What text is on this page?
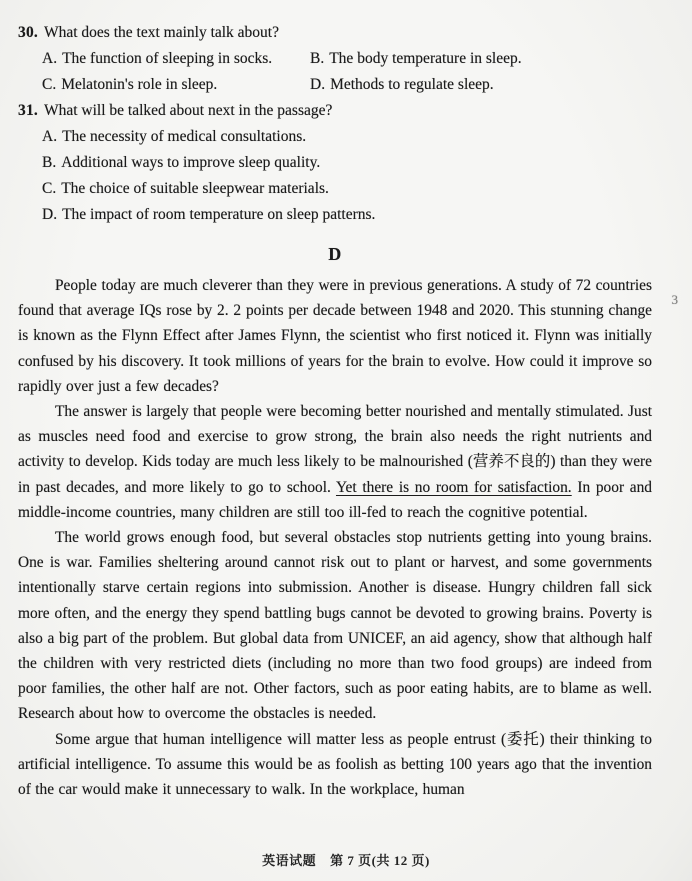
30. What does the text mainly talk about?
A. The function of sleeping in socks.	B. The body temperature in sleep.
C. Melatonin's role in sleep.	D. Methods to regulate sleep.
31. What will be talked about next in the passage?
A. The necessity of medical consultations.
B. Additional ways to improve sleep quality.
C. The choice of suitable sleepwear materials.
D. The impact of room temperature on sleep patterns.
D

People today are much cleverer than they were in previous generations. A study of 72 countries found that average IQs rose by 2. 2 points per decade between 1948 and 2020. This stunning change is known as the Flynn Effect after James Flynn, the scientist who first noticed it. Flynn was initially confused by his discovery. It took millions of years for the brain to evolve. How could it improve so rapidly over just a few decades?

The answer is largely that people were becoming better nourished and mentally stimulated. Just as muscles need food and exercise to grow strong, the brain also needs the right nutrients and activity to develop. Kids today are much less likely to be malnourished (营养不良的) than they were in past decades, and more likely to go to school. Yet there is no room for satisfaction. In poor and middle-income countries, many children are still too ill-fed to reach the cognitive potential.

The world grows enough food, but several obstacles stop nutrients getting into young brains. One is war. Families sheltering around cannot risk out to plant or harvest, and some governments intentionally starve certain regions into submission. Another is disease. Hungry children fall sick more often, and the energy they spend battling bugs cannot be devoted to growing brains. Poverty is also a big part of the problem. But global data from UNICEF, an aid agency, show that although half the children with very restricted diets (including no more than two food groups) are indeed from poor families, the other half are not. Other factors, such as poor eating habits, are to blame as well. Research about how to overcome the obstacles is needed.

Some argue that human intelligence will matter less as people entrust (委托) their thinking to artificial intelligence. To assume this would be as foolish as betting 100 years ago that the invention of the car would make it unnecessary to walk. In the workplace, human

3
英语试题 第 7 页(共 12 页)
